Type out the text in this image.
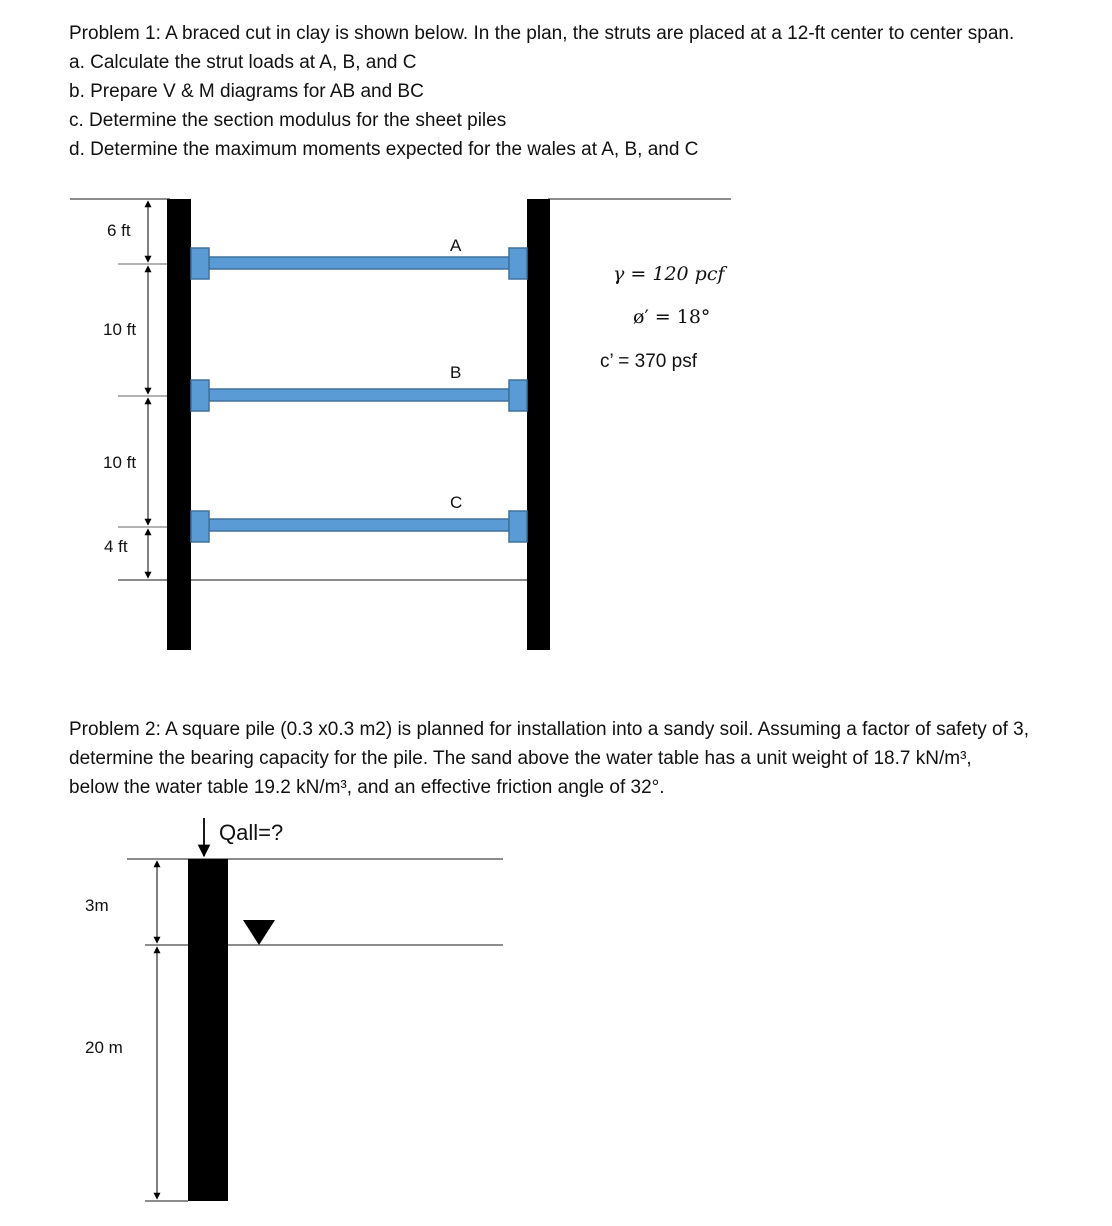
Problem 1: A braced cut in clay is shown below. In the plan, the struts are placed at a 12-ft center to center span.

a. Calculate the strut loads at A, B, and C

b. Prepare V & M diagrams for AB and BC

c. Determine the section modulus for the sheet piles

d. Determine the maximum moments expected for the wales at A, B, and C

6 ft
10 ft
10 ft
4 ft
A
B
C
γ = 120 pcf
ø′ = 18°
c’ = 370 psf

Problem 2: A square pile (0.3 x0.3 m2) is planned for installation into a sandy soil. Assuming a factor of safety of 3,

determine the bearing capacity for the pile. The sand above the water table has a unit weight of 18.7 kN/m³,

below the water table 19.2 kN/m³, and an effective friction angle of 32°.

Qall=?
3m
20 m
